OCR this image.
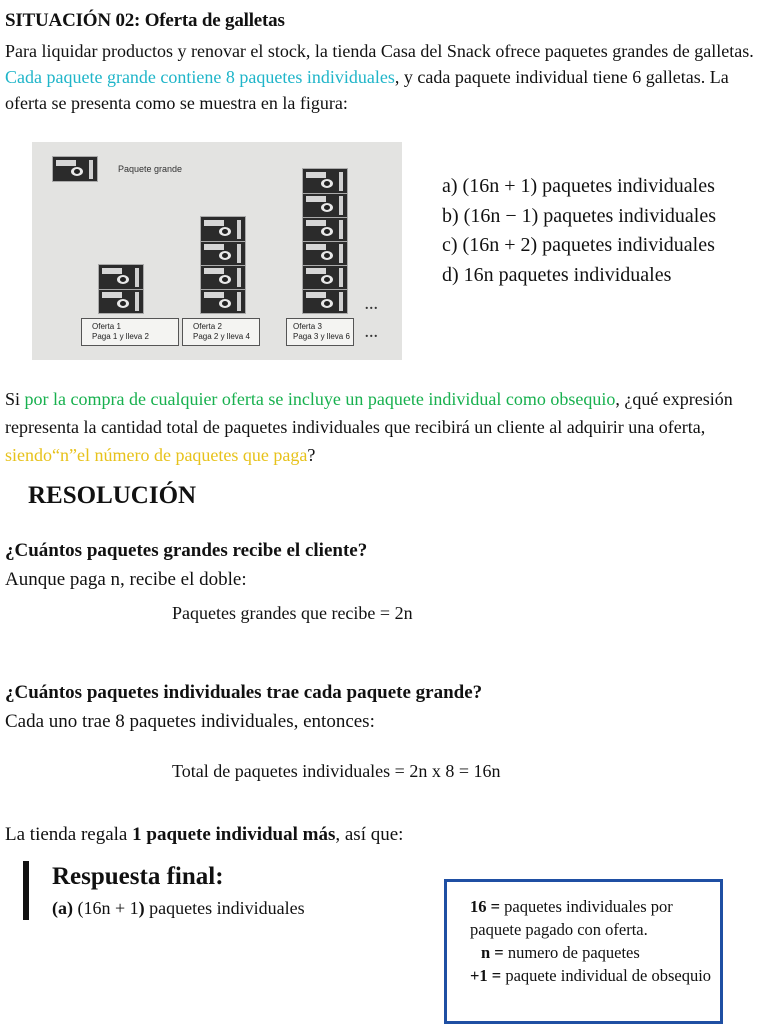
SITUACIÓN 02: Oferta de galletas
Para liquidar productos y renovar el stock, la tienda Casa del Snack ofrece paquetes grandes de galletas. Cada paquete grande contiene 8 paquetes individuales, y cada paquete individual tiene 6 galletas. La oferta se presenta como se muestra en la figura:
Paquete grande
Oferta 1
Paga 1 y lleva 2
Oferta 2
Paga 2 y lleva 4
Oferta 3
Paga 3 y lleva 6
...
...
a) (16n + 1) paquetes individuales
b) (16n − 1) paquetes individuales
c) (16n + 2) paquetes individuales
d) 16n paquetes individuales
Si por la compra de cualquier oferta se incluye un paquete individual como obsequio, ¿qué expresión representa la cantidad total de paquetes individuales que recibirá un cliente al adquirir una oferta, siendo“n”el número de paquetes que paga?
RESOLUCIÓN
¿Cuántos paquetes grandes recibe el cliente?
Aunque paga n, recibe el doble:
Paquetes grandes que recibe = 2n
¿Cuántos paquetes individuales trae cada paquete grande?
Cada uno trae 8 paquetes individuales, entonces:
Total de paquetes individuales = 2n x 8 = 16n
La tienda regala 1 paquete individual más, así que:
Respuesta final:
(a) (16n + 1) paquetes individuales	16 = paquetes individuales por paquete pagado con oferta.
n = numero de paquetes
+1 = paquete individual de obsequio
